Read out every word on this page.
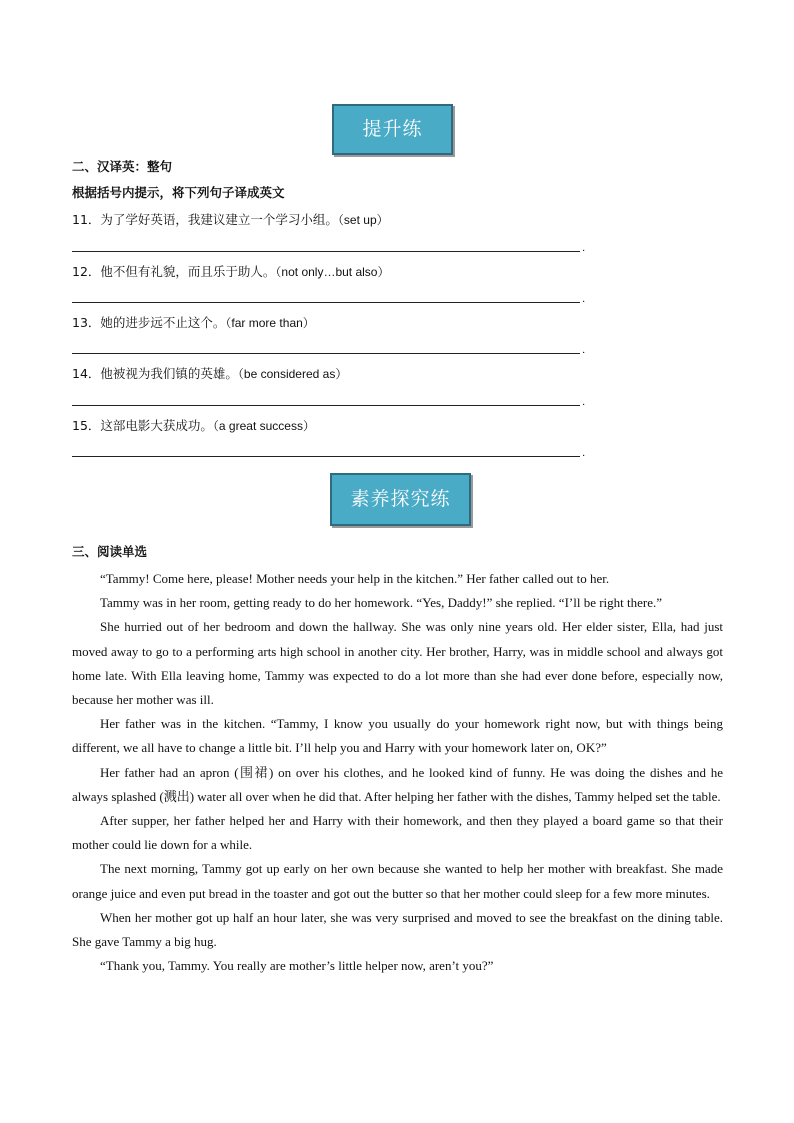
提升练
二、汉译英：整句
根据括号内提示，将下列句子译成英文
11．为了学好英语，我建议建立一个学习小组。（set up）
.
12．他不但有礼貌，而且乐于助人。（not only…but also）
.
13．她的进步远不止这个。（far more than）
.
14．他被视为我们镇的英雄。（be considered as）
.
15．这部电影大获成功。（a great success）
.
素养探究练
三、阅读单选

“Tammy! Come here, please! Mother needs your help in the kitchen.” Her father called out to her.

Tammy was in her room, getting ready to do her homework. “Yes, Daddy!” she replied. “I’ll be right there.”

She hurried out of her bedroom and down the hallway. She was only nine years old. Her elder sister, Ella, had just moved away to go to a performing arts high school in another city. Her brother, Harry, was in middle school and always got home late. With Ella leaving home, Tammy was expected to do a lot more than she had ever done before, especially now, because her mother was ill.

Her father was in the kitchen. “Tammy, I know you usually do your homework right now, but with things being different, we all have to change a little bit. I’ll help you and Harry with your homework later on, OK?”

Her father had an apron (围裙) on over his clothes, and he looked kind of funny. He was doing the dishes and he always splashed (溅出) water all over when he did that. After helping her father with the dishes, Tammy helped set the table.

After supper, her father helped her and Harry with their homework, and then they played a board game so that their mother could lie down for a while.

The next morning, Tammy got up early on her own because she wanted to help her mother with breakfast. She made orange juice and even put bread in the toaster and got out the butter so that her mother could sleep for a few more minutes.

When her mother got up half an hour later, she was very surprised and moved to see the breakfast on the dining table. She gave Tammy a big hug.

“Thank you, Tammy. You really are mother’s little helper now, aren’t you?”
